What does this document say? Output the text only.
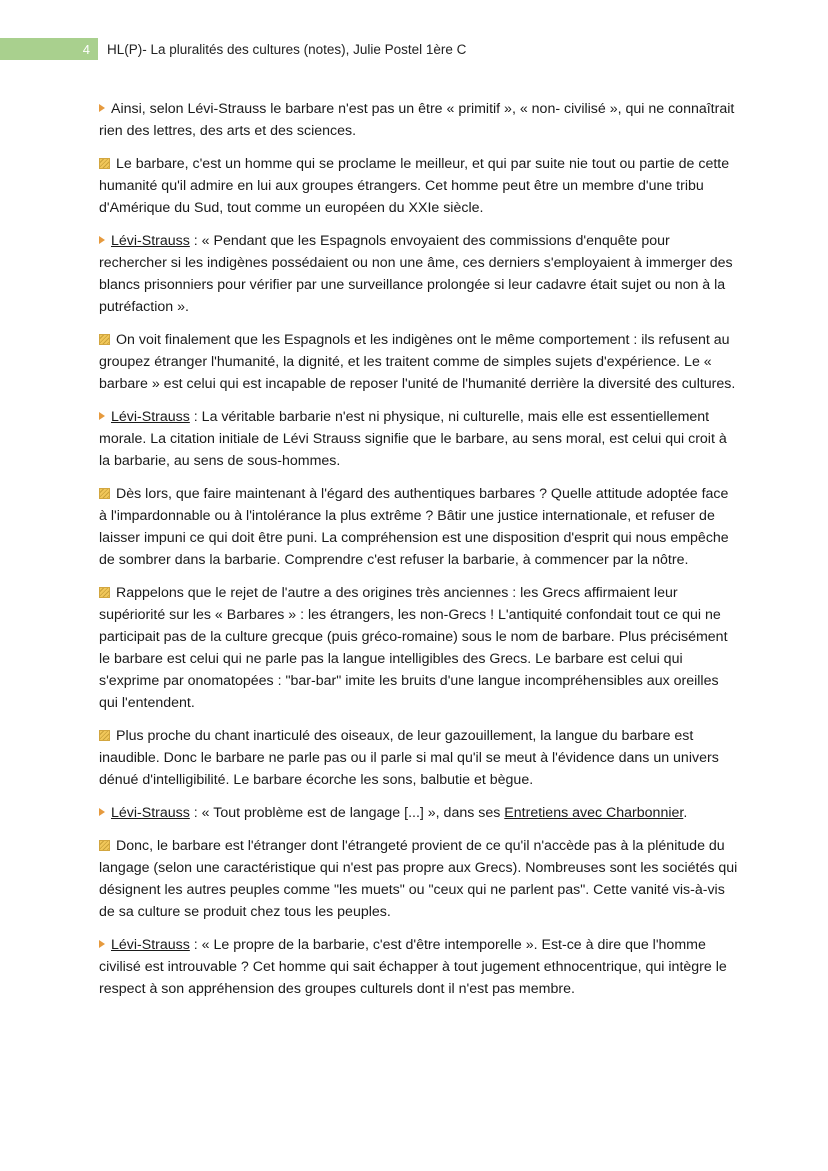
4	HL(P)- La pluralités des cultures (notes), Julie Postel 1ère C

Ainsi, selon Lévi-Strauss le barbare n'est pas un être « primitif », « non- civilisé », qui ne connaîtrait rien des lettres, des arts et des sciences.

Le barbare, c'est un homme qui se proclame le meilleur, et qui par suite nie tout ou partie de cette humanité qu'il admire en lui aux groupes étrangers. Cet homme peut être un membre d'une tribu d'Amérique du Sud, tout comme un européen du XXIe siècle.

Lévi-Strauss : « Pendant que les Espagnols envoyaient des commissions d'enquête pour rechercher si les indigènes possédaient ou non une âme, ces derniers s'employaient à immerger des blancs prisonniers pour vérifier par une surveillance prolongée si leur cadavre était sujet ou non à la putréfaction ».

On voit finalement que les Espagnols et les indigènes ont le même comportement : ils refusent au groupez étranger l'humanité, la dignité, et les traitent comme de simples sujets d'expérience. Le « barbare » est celui qui est incapable de reposer l'unité de l'humanité derrière la diversité des cultures.

Lévi-Strauss : La véritable barbarie n'est ni physique, ni culturelle, mais elle est essentiellement morale. La citation initiale de Lévi Strauss signifie que le barbare, au sens moral, est celui qui croit à la barbarie, au sens de sous-hommes.

Dès lors, que faire maintenant à l'égard des authentiques barbares ? Quelle attitude adoptée face à l'impardonnable ou à l'intolérance la plus extrême ? Bâtir une justice internationale, et refuser de laisser impuni ce qui doit être puni. La compréhension est une disposition d'esprit qui nous empêche de sombrer dans la barbarie. Comprendre c'est refuser la barbarie, à commencer par la nôtre.

Rappelons que le rejet de l'autre a des origines très anciennes : les Grecs affirmaient leur supériorité sur les « Barbares » : les étrangers, les non-Grecs ! L'antiquité confondait tout ce qui ne participait pas de la culture grecque (puis gréco-romaine) sous le nom de barbare. Plus précisément le barbare est celui qui ne parle pas la langue intelligibles des Grecs. Le barbare est celui qui s'exprime par onomatopées : "bar-bar" imite les bruits d'une langue incompréhensibles aux oreilles qui l'entendent.

Plus proche du chant inarticulé des oiseaux, de leur gazouillement, la langue du barbare est inaudible. Donc le barbare ne parle pas ou il parle si mal qu'il se meut à l'évidence dans un univers dénué d'intelligibilité. Le barbare écorche les sons, balbutie et bègue.

Lévi-Strauss : « Tout problème est de langage [...] », dans ses Entretiens avec Charbonnier.

Donc, le barbare est l'étranger dont l'étrangeté provient de ce qu'il n'accède pas à la plénitude du langage (selon une caractéristique qui n'est pas propre aux Grecs). Nombreuses sont les sociétés qui désignent les autres peuples comme "les muets" ou "ceux qui ne parlent pas". Cette vanité vis-à-vis de sa culture se produit chez tous les peuples.

Lévi-Strauss : « Le propre de la barbarie, c'est d'être intemporelle ». Est-ce à dire que l'homme civilisé est introuvable ? Cet homme qui sait échapper à tout jugement ethnocentrique, qui intègre le respect à son appréhension des groupes culturels dont il n'est pas membre.
